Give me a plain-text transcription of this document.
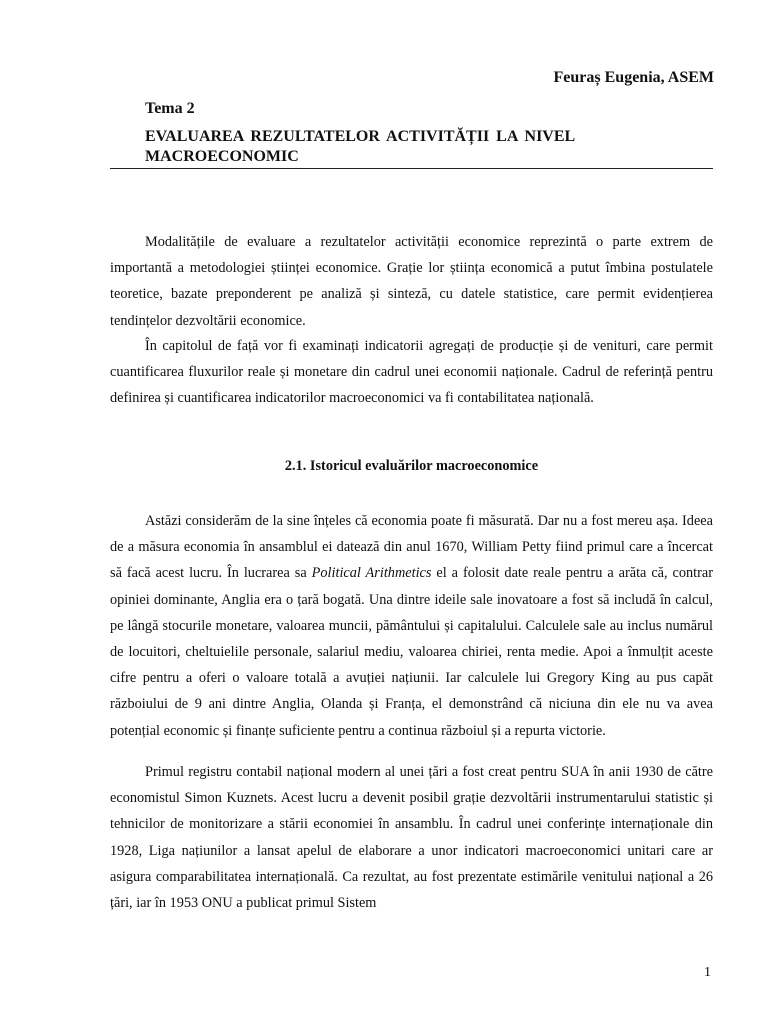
Feuraș Eugenia, ASEM

Tema 2

EVALUAREA REZULTATELOR ACTIVITĂȚII LA NIVEL MACROECONOMIC

Modalitățile de evaluare a rezultatelor activității economice reprezintă o parte extrem de importantă a metodologiei științei economice. Grație lor știința economică a putut îmbina postulatele teoretice, bazate preponderent pe analiză și sinteză, cu datele statistice, care permit evidențierea tendințelor dezvoltării economice.

În capitolul de față vor fi examinați indicatorii agregați de producție și de venituri, care permit cuantificarea fluxurilor reale și monetare din cadrul unei economii naționale. Cadrul de referință pentru definirea și cuantificarea indicatorilor macroeconomici va fi contabilitatea națională.

2.1. Istoricul evaluărilor macroeconomice

Astăzi considerăm de la sine înțeles că economia poate fi măsurată. Dar nu a fost mereu așa. Ideea de a măsura economia în ansamblul ei datează din anul 1670, William Petty fiind primul care a încercat să facă acest lucru. În lucrarea sa Political Arithmetics el a folosit date reale pentru a arăta că, contrar opiniei dominante, Anglia era o țară bogată. Una dintre ideile sale inovatoare a fost să includă în calcul, pe lângă stocurile monetare, valoarea muncii, pământului și capitalului. Calculele sale au inclus numărul de locuitori, cheltuielile personale, salariul mediu, valoarea chiriei, renta medie. Apoi a înmulțit aceste cifre pentru a oferi o valoare totală a avuției națiunii. Iar calculele lui Gregory King au pus capăt războiului de 9 ani dintre Anglia, Olanda și Franța, el demonstrând că niciuna din ele nu va avea potențial economic și finanțe suficiente pentru a continua războiul și a repurta victorie.

Primul registru contabil național modern al unei țări a fost creat pentru SUA în anii 1930 de către economistul Simon Kuznets. Acest lucru a devenit posibil grație dezvoltării instrumentarului statistic și tehnicilor de monitorizare a stării economiei în ansamblu. În cadrul unei conferințe internaționale din 1928, Liga națiunilor a lansat apelul de elaborare a unor indicatori macroeconomici unitari care ar asigura comparabilitatea internațională. Ca rezultat, au fost prezentate estimările venitului național a 26 țări, iar în 1953 ONU a publicat primul Sistem

1
